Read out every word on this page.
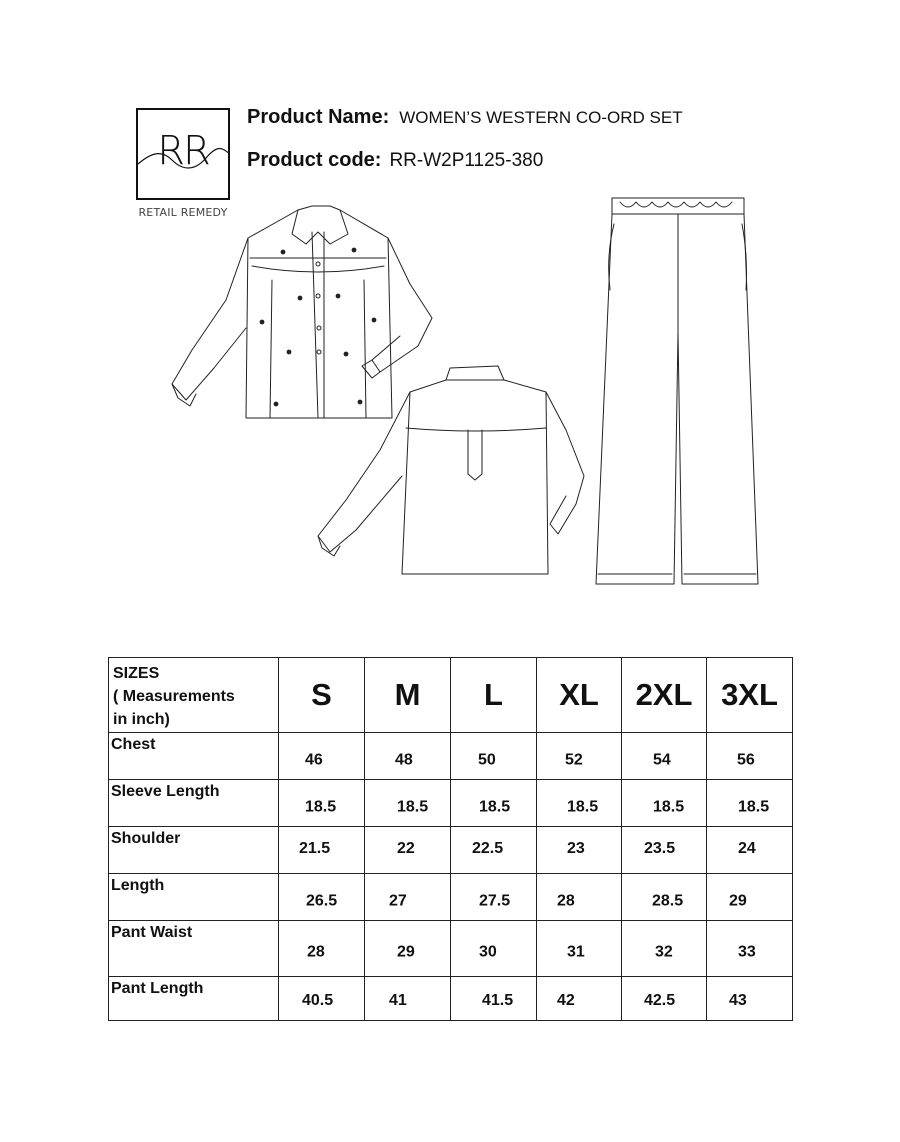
RR
RETAIL REMEDY
Product Name: WOMEN’S WESTERN CO-ORD SET
Product code: RR-W2P1125-380
SIZES
( Measurements
in inch)	S	M	L	XL	2XL	3XL
Chest	46	48	50	52	54	56

Sleeve Length	18.5	18.5	18.5	18.5	18.5	18.5

Shoulder	21.5	22	22.5	23	23.5	24

Length	26.5	27	27.5	28	28.5	29

Pant Waist	28	29	30	31	32	33

Pant Length	40.5	41	41.5	42	42.5	43
